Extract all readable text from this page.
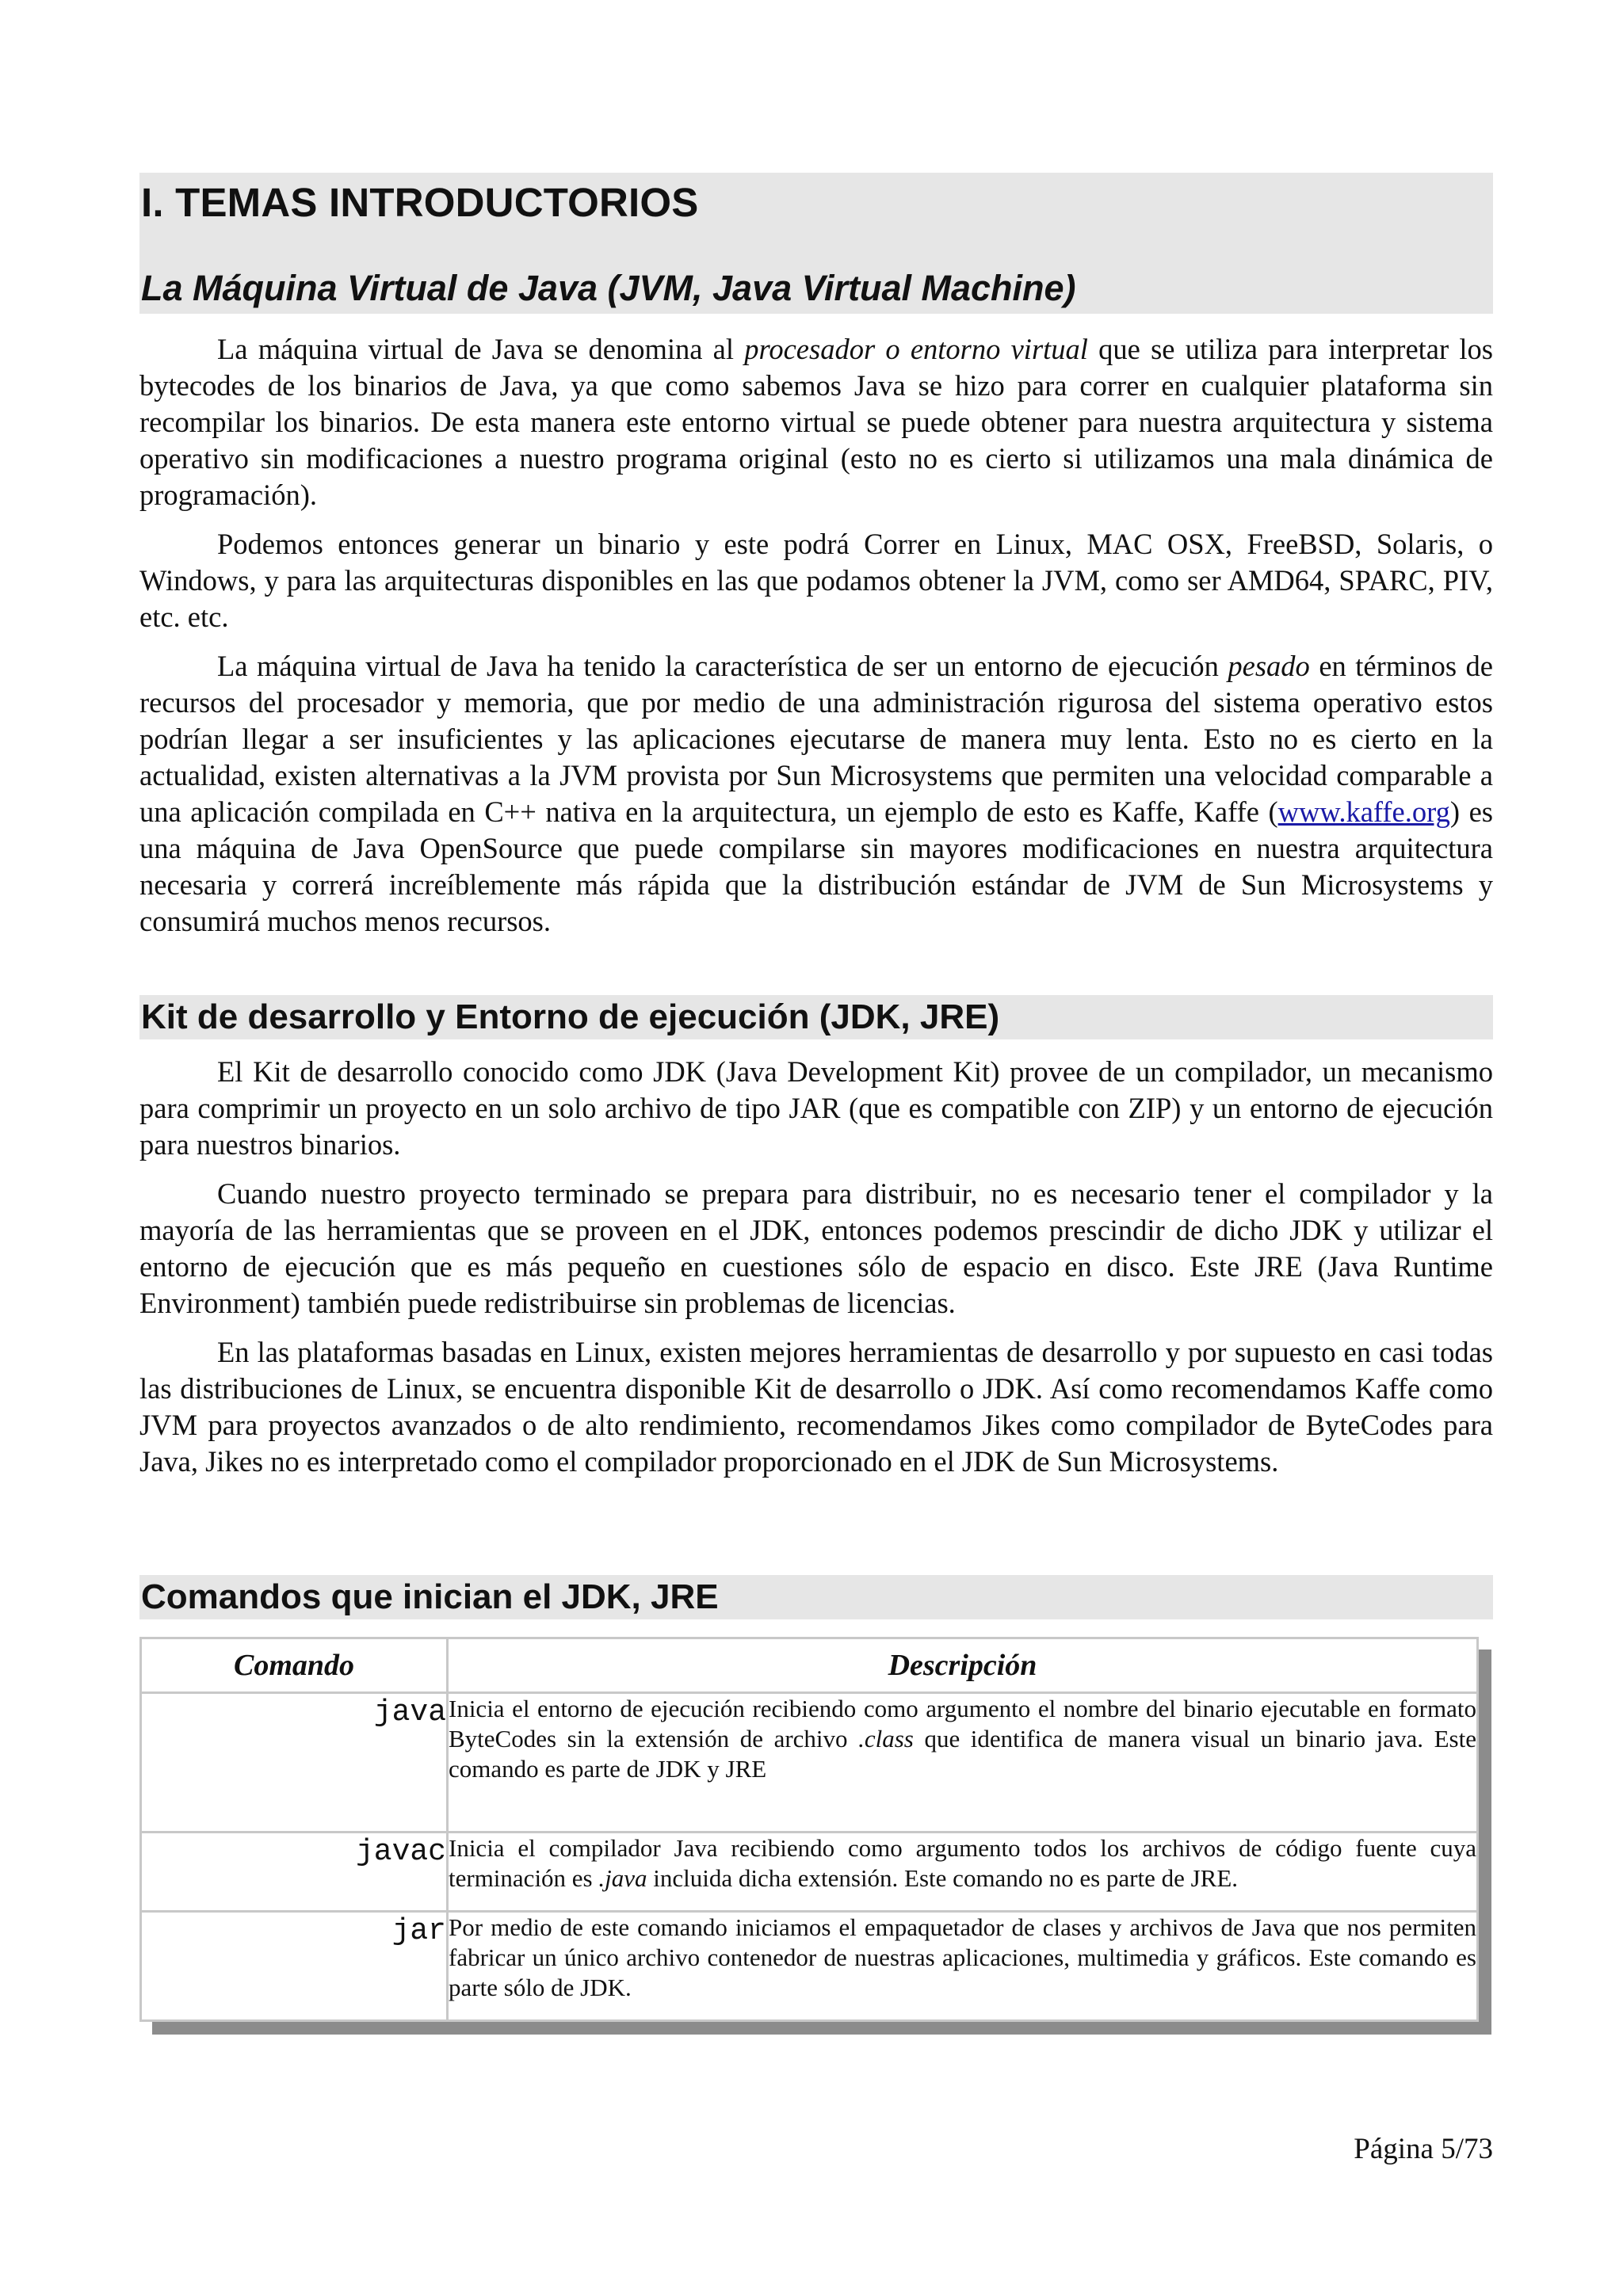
I. TEMAS INTRODUCTORIOS
La Máquina Virtual de Java (JVM, Java Virtual Machine)

La máquina virtual de Java se denomina al procesador o entorno virtual que se utiliza para interpretar los bytecodes de los binarios de Java, ya que como sabemos Java se hizo para correr en cualquier plataforma sin recompilar los binarios. De esta manera este entorno virtual se puede obtener para nuestra arquitectura y sistema operativo sin modificaciones a nuestro programa original (esto no es cierto si utilizamos una mala dinámica de programación).

Podemos entonces generar un binario y este podrá Correr en Linux, MAC OSX, FreeBSD, Solaris, o Windows, y para las arquitecturas disponibles en las que podamos obtener la JVM, como ser AMD64, SPARC, PIV, etc. etc.

La máquina virtual de Java ha tenido la característica de ser un entorno de ejecución pesado en términos de recursos del procesador y memoria, que por medio de una administración rigurosa del sistema operativo estos podrían llegar a ser insuficientes y las aplicaciones ejecutarse de manera muy lenta. Esto no es cierto en la actualidad, existen alternativas a la JVM provista por Sun Microsystems que permiten una velocidad comparable a una aplicación compilada en C++ nativa en la arquitectura, un ejemplo de esto es Kaffe, Kaffe (www.kaffe.org) es una máquina de Java OpenSource que puede compilarse sin mayores modificaciones en nuestra arquitectura necesaria y correrá increíblemente más rápida que la distribución estándar de JVM de Sun Microsystems y consumirá muchos menos recursos.

Kit de desarrollo y Entorno de ejecución (JDK, JRE)

El Kit de desarrollo conocido como JDK (Java Development Kit) provee de un compilador, un mecanismo para comprimir un proyecto en un solo archivo de tipo JAR (que es compatible con ZIP) y un entorno de ejecución para nuestros binarios.

Cuando nuestro proyecto terminado se prepara para distribuir, no es necesario tener el compilador y la mayoría de las herramientas que se proveen en el JDK, entonces podemos prescindir de dicho JDK y utilizar el entorno de ejecución que es más pequeño en cuestiones sólo de espacio en disco. Este JRE (Java Runtime Environment) también puede redistribuirse sin problemas de licencias.

En las plataformas basadas en Linux, existen mejores herramientas de desarrollo y por supuesto en casi todas las distribuciones de Linux, se encuentra disponible Kit de desarrollo o JDK. Así como recomendamos Kaffe como JVM para proyectos avanzados o de alto rendimiento, recomendamos Jikes como compilador de ByteCodes para Java, Jikes no es interpretado como el compilador proporcionado en el JDK de Sun Microsystems.

Comandos que inician el JDK, JRE
Comando	Descripción
java	Inicia el entorno de ejecución recibiendo como argumento el nombre del binario ejecutable en formato ByteCodes sin la extensión de archivo .class que identifica de manera visual un binario java. Este comando es parte de JDK y JRE
javac	Inicia el compilador Java recibiendo como argumento todos los archivos de código fuente cuya terminación es .java incluida dicha extensión. Este comando no es parte de JRE.
jar	Por medio de este comando iniciamos el empaquetador de clases y archivos de Java que nos permiten fabricar un único archivo contenedor de nuestras aplicaciones, multimedia y gráficos. Este comando es parte sólo de JDK.
Página 5/73
